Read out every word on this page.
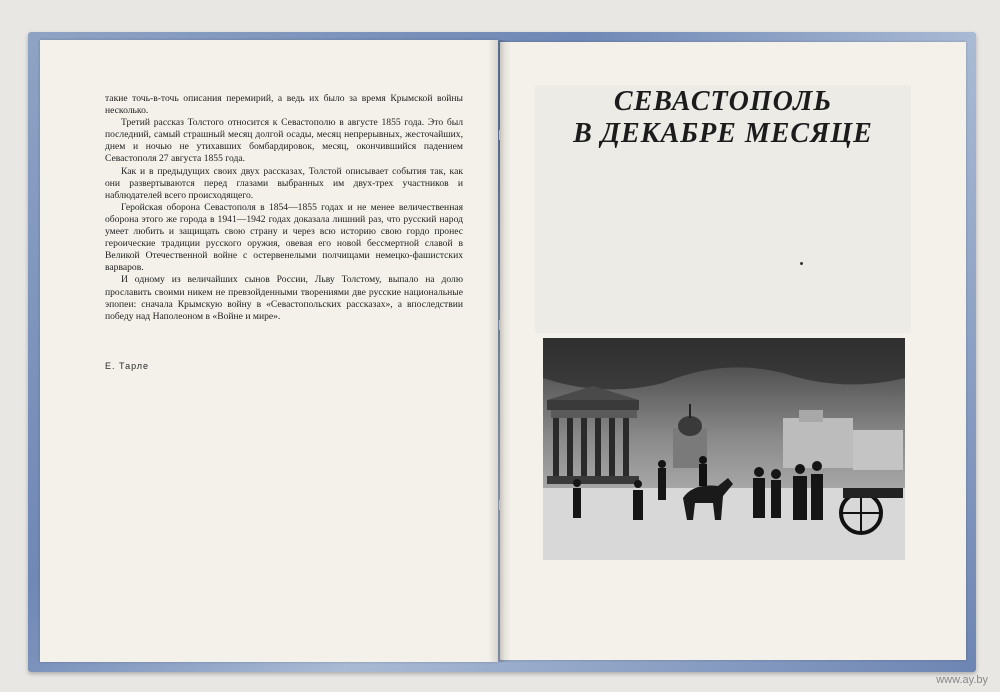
такие точь-в-точь описания перемирий, а ведь их было за время Крымской войны несколько.

Третий рассказ Толстого относится к Севастополю в августе 1855 года. Это был последний, самый страшный месяц долгой осады, месяц непрерывных, жесточайших, днем и ночью не утихавших бомбардировок, месяц, окончившийся падением Севастополя 27 августа 1855 года.

Как и в предыдущих своих двух рассказах, Толстой описывает события так, как они развертываются перед глазами выбранных им двух-трех участников и наблюдателей всего происходящего.

Геройская оборона Севастополя в 1854—1855 годах и не менее величественная оборона этого же города в 1941—1942 годах доказала лишний раз, что русский народ умеет любить и защищать свою страну и через всю историю свою гордо пронес героические традиции русского оружия, овевая его новой бессмертной славой в Великой Отечественной войне с остервенелыми полчищами немецко-фашистских варваров.

И одному из величайших сынов России, Льву Толстому, выпало на долю прославить своими никем не превзойденными творениями две русские национальные эпопеи: сначала Крымскую войну в «Севастопольских рассказах», а впоследствии победу над Наполеоном в «Войне и мире».

Е. Тарле
СЕВАСТОПОЛЬ
В ДЕКАБРЕ МЕСЯЦЕ
www.ay.by
